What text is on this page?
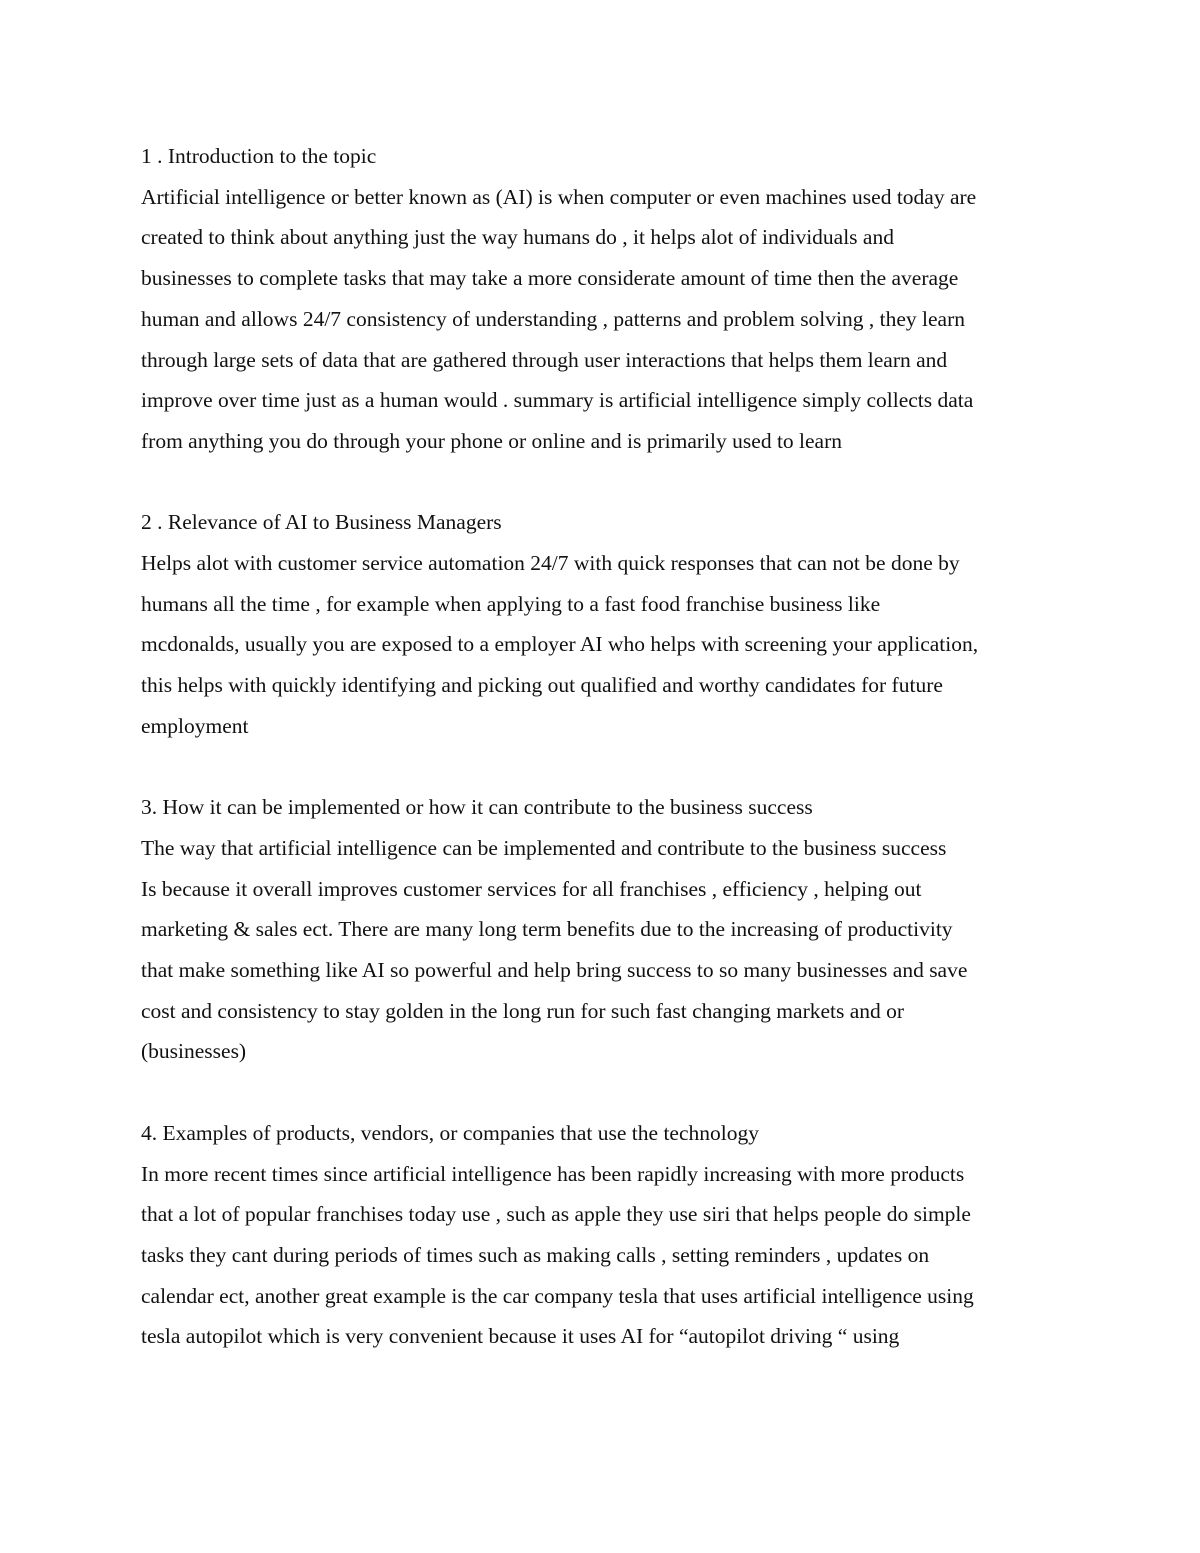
1 . Introduction to the topic
Artificial intelligence or better known as (AI) is when computer or even machines used today are
created to think about anything just the way humans do , it helps alot of individuals and
businesses to complete tasks that may take a more considerate amount of time then the average
human and allows 24/7 consistency of understanding , patterns and problem solving , they learn
through large sets of data that are gathered through user interactions that helps them learn and
improve over time just as a human would . summary is artificial intelligence simply collects data
from anything you do through your phone or online and is primarily used to learn
2 . Relevance of AI to Business Managers
Helps alot with customer service automation 24/7 with quick responses that can not be done by
humans all the time , for example when applying to a fast food franchise business like
mcdonalds, usually you are exposed to a employer AI who helps with screening your application,
this helps with quickly identifying and picking out qualified and worthy candidates for future
employment
3. How it can be implemented or how it can contribute to the business success
The way that artificial intelligence can be implemented and contribute to the business success
Is because it overall improves customer services for all franchises , efficiency , helping out
marketing & sales ect. There are many long term benefits due to the increasing of productivity
that make something like AI so powerful and help bring success to so many businesses and save
cost and consistency to stay golden in the long run for such fast changing markets and or
(businesses)
4. Examples of products, vendors, or companies that use the technology
In more recent times since artificial intelligence has been rapidly increasing with more products
that a lot of popular franchises today use , such as apple they use siri that helps people do simple
tasks they cant during periods of times such as making calls , setting reminders , updates on
calendar ect, another great example is the car company tesla that uses artificial intelligence using
tesla autopilot which is very convenient because it uses AI for “autopilot driving “ using
